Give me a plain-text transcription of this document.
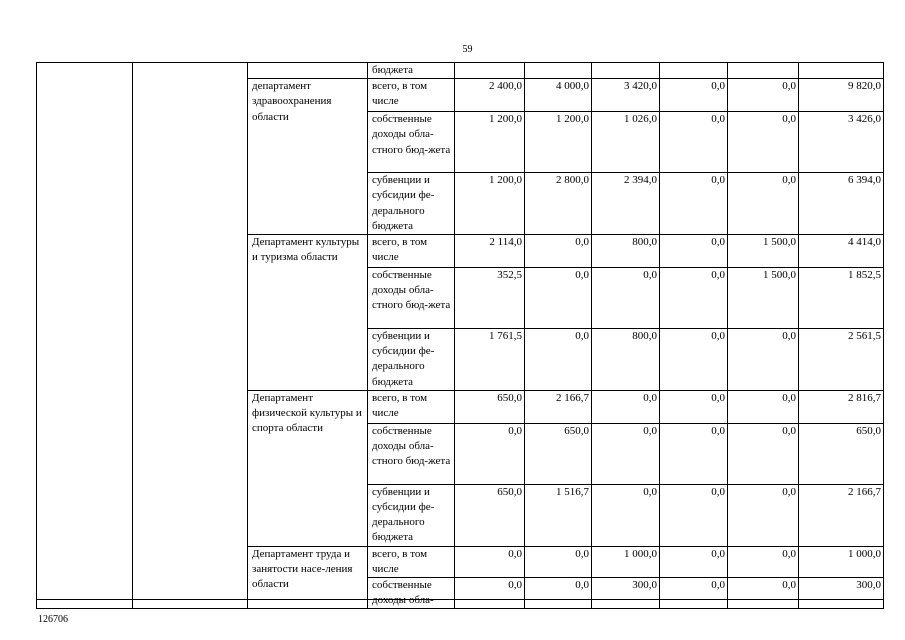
59
			бюджета						
		департамент здравоохранения области	всего, в том числе	2 400,0	4 000,0	3 420,0	0,0	0,0	9 820,0
			собственные доходы обла-стного бюд-жета	1 200,0	1 200,0	1 026,0	0,0	0,0	3 426,0
			субвенции и субсидии фе-дерального бюджета	1 200,0	2 800,0	2 394,0	0,0	0,0	6 394,0
		Департамент культуры и туризма области	всего, в том числе	2 114,0	0,0	800,0	0,0	1 500,0	4 414,0
			собственные доходы обла-стного бюд-жета	352,5	0,0	0,0	0,0	1 500,0	1 852,5
			субвенции и субсидии фе-дерального бюджета	1 761,5	0,0	800,0	0,0	0,0	2 561,5
		Департамент физической культуры и спорта области	всего, в том числе	650,0	2 166,7	0,0	0,0	0,0	2 816,7
			собственные доходы обла-стного бюд-жета	0,0	650,0	0,0	0,0	0,0	650,0
			субвенции и субсидии фе-дерального бюджета	650,0	1 516,7	0,0	0,0	0,0	2 166,7
		Департамент труда и занятости насе-ления области	всего, в том числе	0,0	0,0	1 000,0	0,0	0,0	1 000,0
			собственные доходы обла-	0,0	0,0	300,0	0,0	0,0	300,0
126706
